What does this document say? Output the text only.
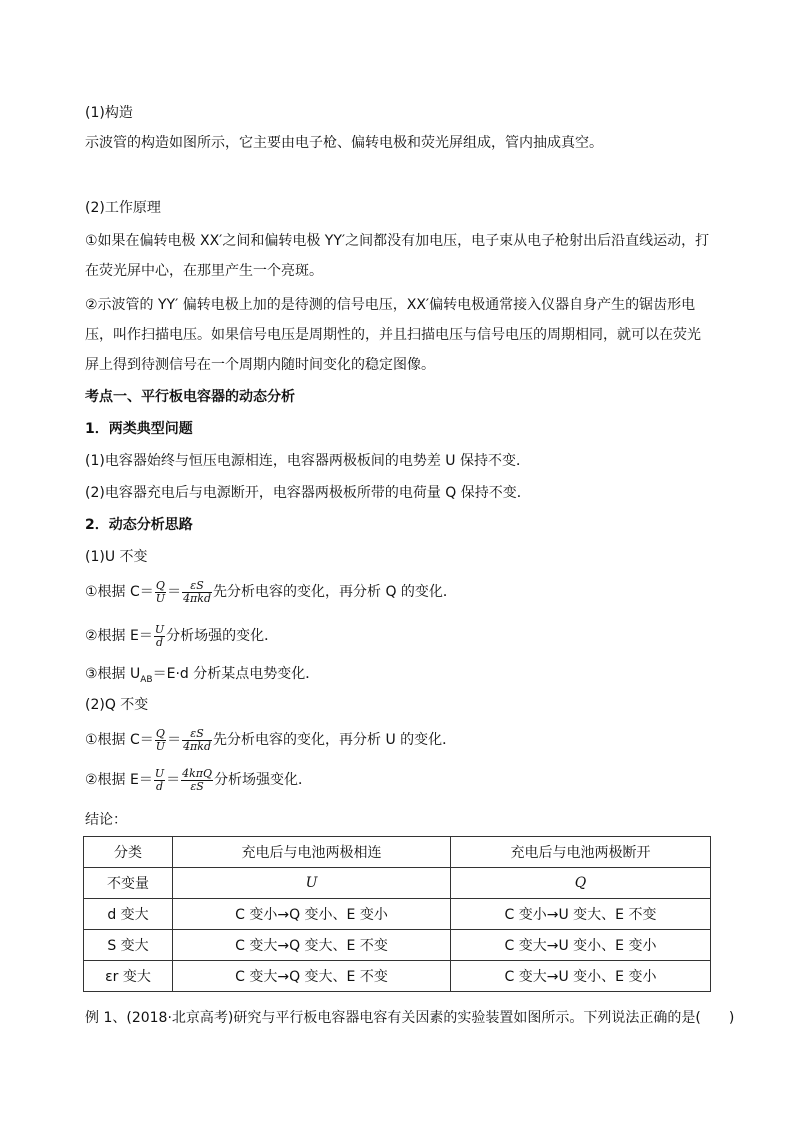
(1)构造
示波管的构造如图所示，它主要由电子枪、偏转电极和荧光屏组成，管内抽成真空。
(2)工作原理
①如果在偏转电极 XX′之间和偏转电极 YY′之间都没有加电压，电子束从电子枪射出后沿直线运动，打在荧光屏中心，在那里产生一个亮斑。
②示波管的 YY′ 偏转电极上加的是待测的信号电压，XX′偏转电极通常接入仪器自身产生的锯齿形电压，叫作扫描电压。如果信号电压是周期性的，并且扫描电压与信号电压的周期相同，就可以在荧光屏上得到待测信号在一个周期内随时间变化的稳定图像。
考点一、平行板电容器的动态分析
1．两类典型问题
(1)电容器始终与恒压电源相连，电容器两极板间的电势差 U 保持不变．
(2)电容器充电后与电源断开，电容器两极板所带的电荷量 Q 保持不变．
2．动态分析思路
(1)U 不变
①根据 $C= \frac{Q}{U} = \frac{\varepsilon S}{\text{4πkd}}$ 先分析电容的变化，再分析 Q 的变化．
②根据 $E= \frac{U}{d}$ 分析场强的变化．
③根据 $U_{AB}=E\cdot d$ 分析某点电势变化．
(2)Q 不变
①根据 $C= \frac{Q}{U} = \frac{\varepsilon S}{\text{4πkd}}$ 先分析电容的变化，再分析 U 的变化．
②根据 $E= \frac{U}{d} = \frac{\text{4kπQ}}{\varepsilon S}$ 分析场强变化．
结论：
分类	充电后与电池两极相连	充电后与电池两极断开
不变量	U	Q
d 变大	C 变小→Q 变小、E 变小	C 变小→U 变大、E 不变
S 变大	C 变大→Q 变大、E 不变	C 变大→U 变小、E 变小
εr 变大	C 变大→Q 变大、E 不变	C 变大→U 变小、E 变小
例 1、(2018·北京高考)研究与平行板电容器电容有关因素的实验装置如图所示。下列说法正确的是(　　)
